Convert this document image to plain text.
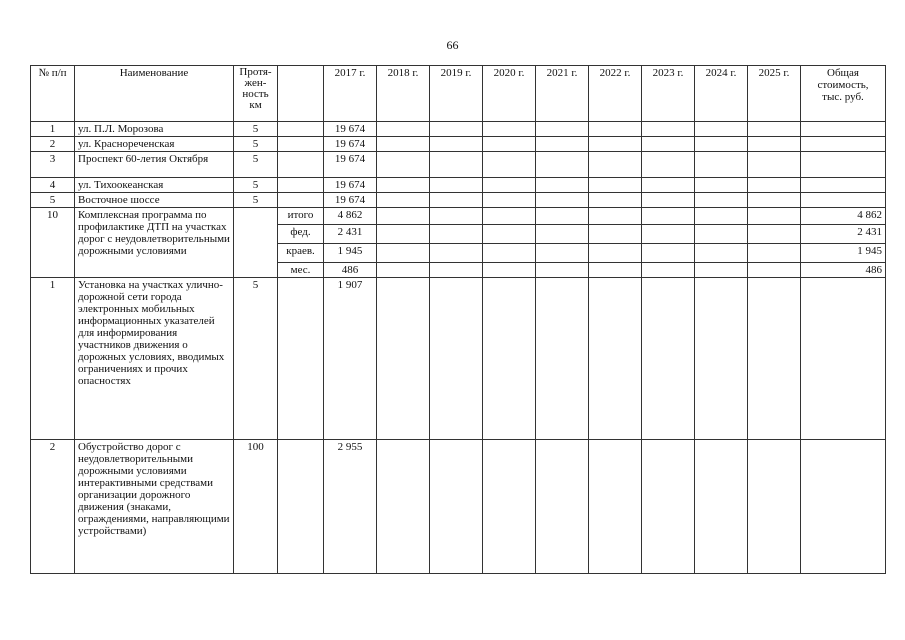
66
№ п/п	Наименование	Протя-
жен-
ность
км		2017 г.	2018 г.	2019 г.	2020 г.	2021 г.	2022 г.	2023 г.	2024 г.	2025 г.	Общая
стоимость,
тыс. руб.
1	ул. П.Л. Морозова	5		19 674									
2	ул. Краснореченская	5		19 674									
3	Проспект 60-летия Октября	5		19 674									
4	ул. Тихоокеанская	5		19 674									
5	Восточное шоссе	5		19 674									
10	Комплексная программа по профилактике ДТП на участках дорог с неудовлетворительными дорожными условиями		итого	4 862									4 862
			фед.	2 431									2 431
			краев.	1 945									1 945
			мес.	486									486
1	Установка на участках улично-дорожной сети города электронных мобильных информационных указателей для информирования участников движения о дорожных условиях, вводимых ограничениях и прочих опасностях	5		1 907									
2	Обустройство дорог с неудовлетворительными дорожными условиями интерактивными средствами организации дорожного движения (знаками, ограждениями, направляющими устройствами)	100		2 955									
